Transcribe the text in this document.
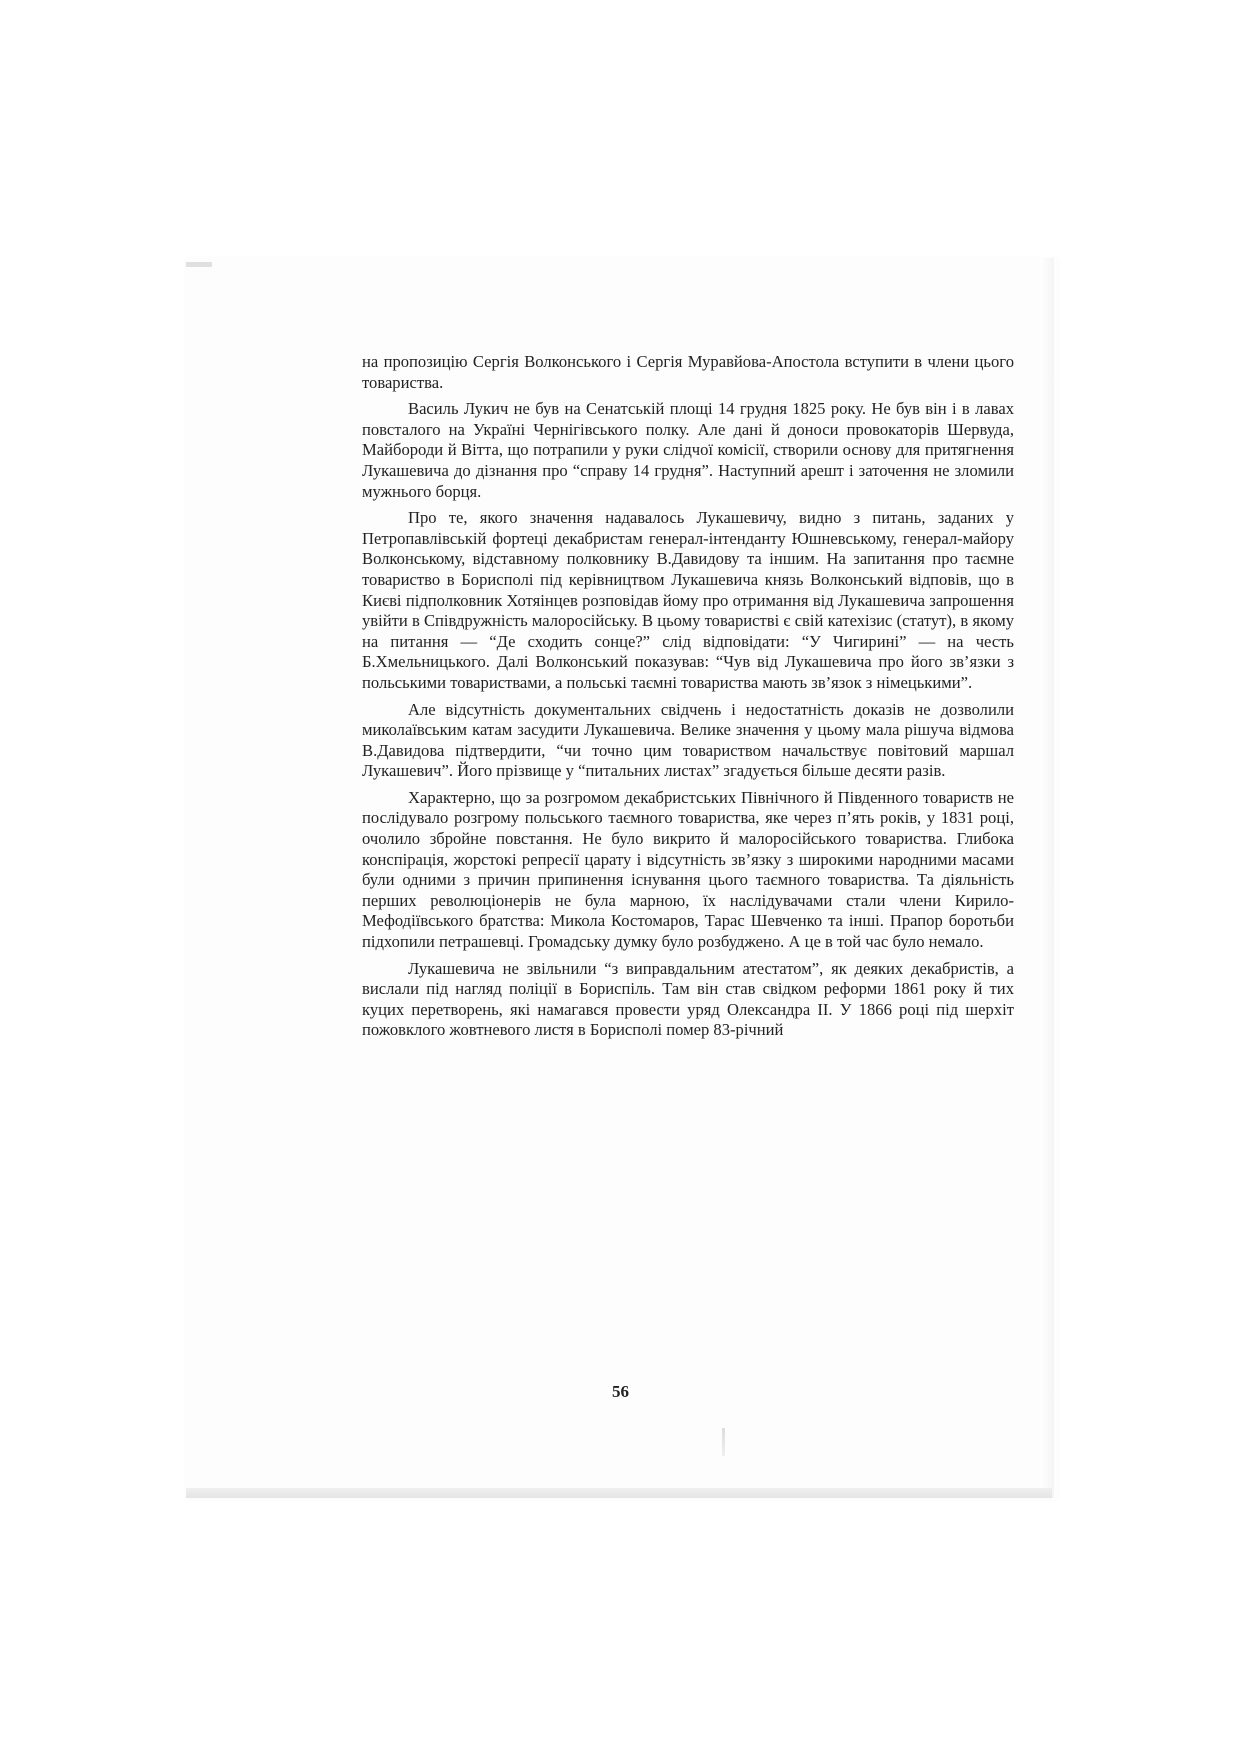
на пропозицію Сергія Волконського і Сергія Муравйова-Апостола вступити в члени цього товариства.

Василь Лукич не був на Сенатській площі 14 грудня 1825 року. Не був він і в лавах повсталого на Україні Чернігівського полку. Але дані й доноси провокаторів Шервуда, Майбороди й Вітта, що потрапили у руки слідчої комісії, створили основу для притягнення Лукашевича до дізнання про “справу 14 грудня”. Наступний арешт і заточення не зломили мужнього борця.

Про те, якого значення надавалось Лукашевичу, видно з питань, заданих у Петропавлівській фортеці декабристам генерал-інтенданту Юшневському, генерал-майору Волконському, відставному полковнику В.Давидову та іншим. На запитання про таємне товариство в Борисполі під керівництвом Лукашевича князь Волконський відповів, що в Києві підполковник Хотяінцев розповідав йому про отримання від Лукашевича запрошення увійти в Співдружність малоросійську. В цьому товаристві є свій катехізис (статут), в якому на питання — “Де сходить сонце?” слід відповідати: “У Чигирині” — на честь Б.Хмельницького. Далі Волконський показував: “Чув від Лукашевича про його зв’язки з польськими товариствами, а польські таємні товариства мають зв’язок з німецькими”.

Але відсутність документальних свідчень і недостатність доказів не дозволили миколаївським катам засудити Лукашевича. Велике значення у цьому мала рішуча відмова В.Давидова підтвердити, “чи точно цим товариством начальствує повітовий маршал Лукашевич”. Його прізвище у “питальних листах” згадується більше десяти разів.

Характерно, що за розгромом декабристських Північного й Південного товариств не послідувало розгрому польського таємного товариства, яке через п’ять років, у 1831 році, очолило збройне повстання. Не було викрито й малоросійського товариства. Глибока конспірація, жорстокі репресії царату і відсутність зв’язку з широкими народними масами були одними з причин припинення існування цього таємного товариства. Та діяльність перших революціонерів не була марною, їх наслідувачами стали члени Кирило-Мефодіївського братства: Микола Костомаров, Тарас Шевченко та інші. Прапор боротьби підхопили петрашевці. Громадську думку було розбуджено. А це в той час було немало.

Лукашевича не звільнили “з виправдальним атестатом”, як деяких декабристів, а вислали під нагляд поліції в Бориспіль. Там він став свідком реформи 1861 року й тих куцих перетворень, які намагався провести уряд Олександра ІІ. У 1866 році під шерхіт пожовклого жовтневого листя в Борисполі помер 83-річний

56
